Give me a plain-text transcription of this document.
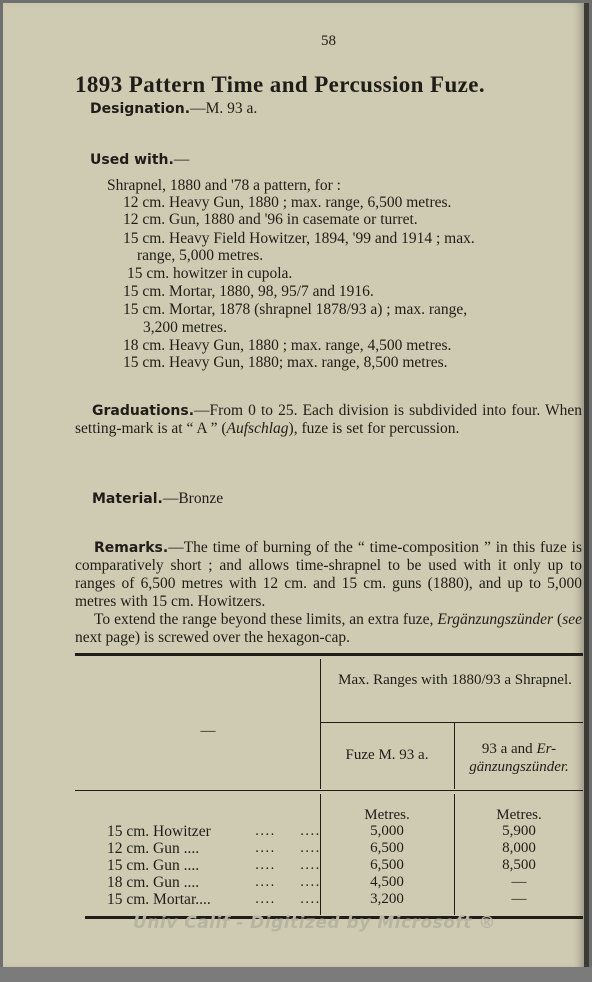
58
1893 Pattern Time and Percussion Fuze.
Designation.—M. 93 a.
Used with.—
Shrapnel, 1880 and '78 a pattern, for :
12 cm. Heavy Gun, 1880 ; max. range, 6,500 metres.
12 cm. Gun, 1880 and '96 in casemate or turret.
15 cm. Heavy Field Howitzer, 1894, '99 and 1914 ; max.
range, 5,000 metres.
15 cm. howitzer in cupola.
15 cm. Mortar, 1880, 98, 95/7 and 1916.
15 cm. Mortar, 1878 (shrapnel 1878/93 a) ; max. range,
3,200 metres.
18 cm. Heavy Gun, 1880 ; max. range, 4,500 metres.
15 cm. Heavy Gun, 1880; max. range, 8,500 metres.
Graduations.—From 0 to 25. Each division is subdivided into four. When setting-mark is at “ A ” (Aufschlag), fuze is set for percussion.
Material.—Bronze
Remarks.—The time of burning of the “ time-composition ” in this fuze is comparatively short ; and allows time-shrapnel to be used with it only up to ranges of 6,500 metres with 12 cm. and 15 cm. guns (1880), and up to 5,000 metres with 15 cm. Howitzers.
To extend the range beyond these limits, an extra fuze, Ergänzungszünder (see next page) is screwed over the hexagon-cap.
—
Max. Ranges with 1880/93 a Shrapnel.
Fuze M. 93 a.	93 a and Er-gänzungszünder.
Metres.	Metres.
15 cm. Howitzer	.... ....	5,000	5,900
12 cm. Gun ....	.... ....	6,500	8,000
15 cm. Gun ....	.... ....	6,500	8,500
18 cm. Gun ....	.... ....	4,500	—
15 cm. Mortar....	.... ....	3,200	—
Univ Calif - Digitized by Microsoft ®
